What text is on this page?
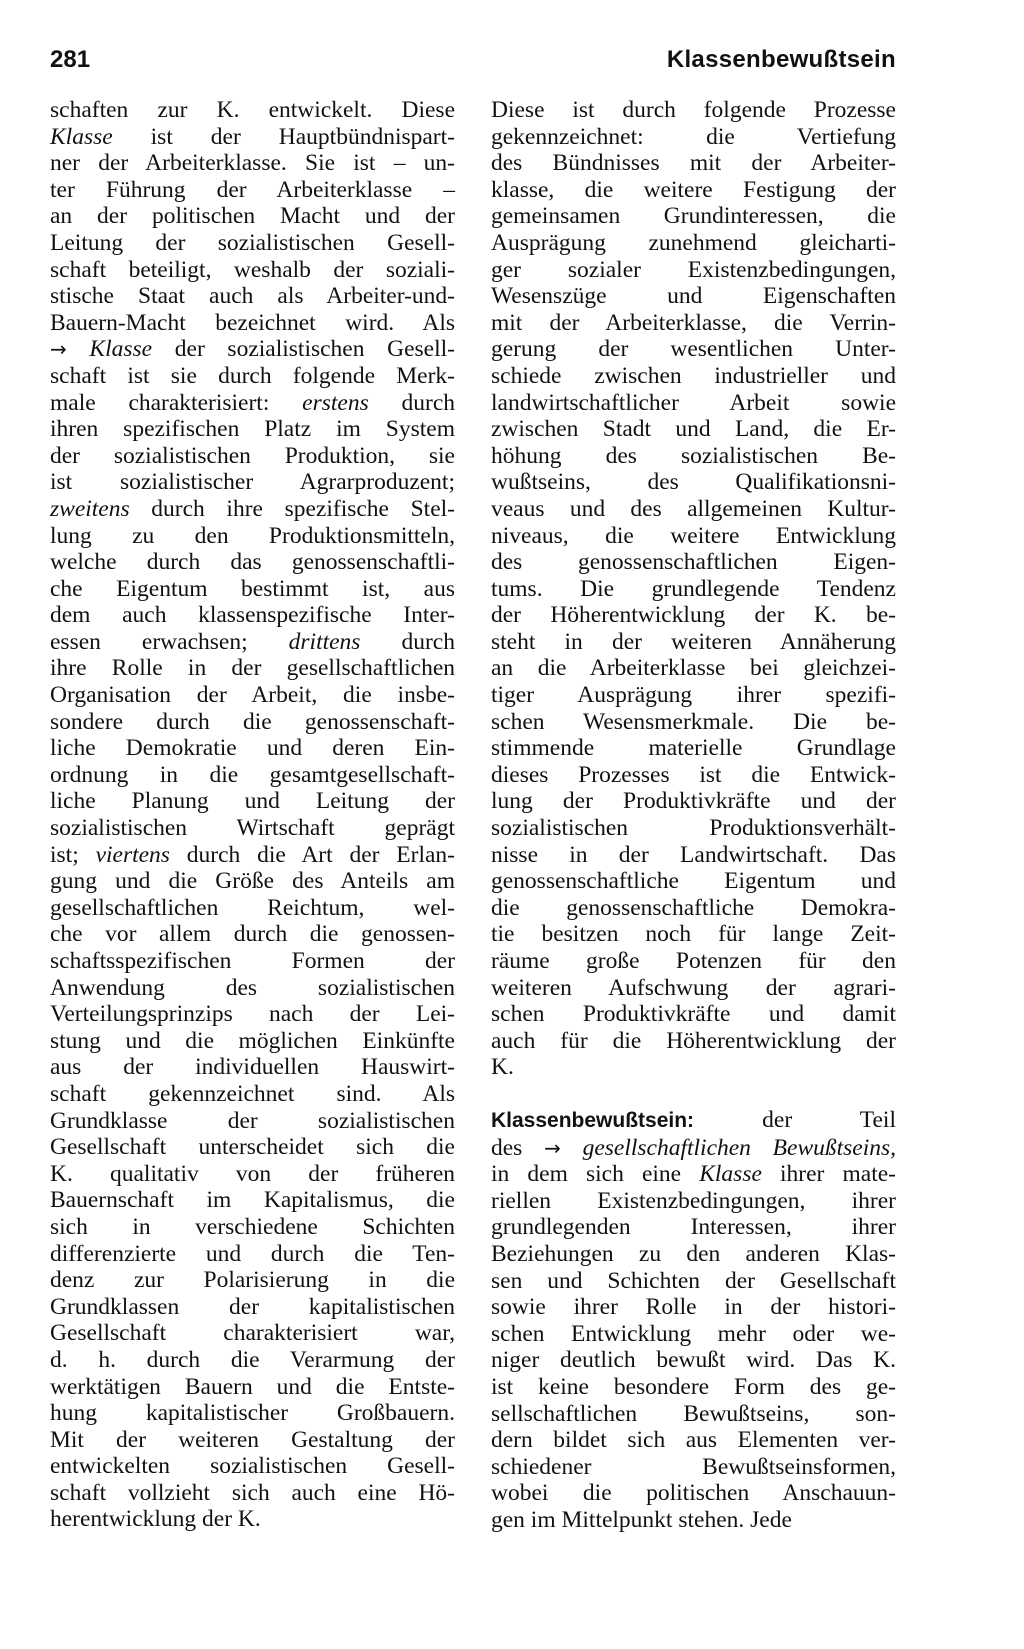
281	Klassenbewußtsein

schaften zur K. entwickelt. Diese
Klasse ist der Hauptbündnispart-
ner der Arbeiterklasse. Sie ist – un-
ter Führung der Arbeiterklasse –
an der politischen Macht und der
Leitung der sozialistischen Gesell-
schaft beteiligt, weshalb der soziali-
stische Staat auch als Arbeiter-und-
Bauern-Macht bezeichnet wird. Als
→ Klasse der sozialistischen Gesell-
schaft ist sie durch folgende Merk-
male charakterisiert: erstens durch
ihren spezifischen Platz im System
der sozialistischen Produktion, sie
ist sozialistischer Agrarproduzent;
zweitens durch ihre spezifische Stel-
lung zu den Produktionsmitteln,
welche durch das genossenschaftli-
che Eigentum bestimmt ist, aus
dem auch klassenspezifische Inter-
essen erwachsen; drittens durch
ihre Rolle in der gesellschaftlichen
Organisation der Arbeit, die insbe-
sondere durch die genossenschaft-
liche Demokratie und deren Ein-
ordnung in die gesamtgesellschaft-
liche Planung und Leitung der
sozialistischen Wirtschaft geprägt
ist; viertens durch die Art der Erlan-
gung und die Größe des Anteils am
gesellschaftlichen Reichtum, wel-
che vor allem durch die genossen-
schaftsspezifischen Formen der
Anwendung des sozialistischen
Verteilungsprinzips nach der Lei-
stung und die möglichen Einkünfte
aus der individuellen Hauswirt-
schaft gekennzeichnet sind. Als
Grundklasse der sozialistischen
Gesellschaft unterscheidet sich die
K. qualitativ von der früheren
Bauernschaft im Kapitalismus, die
sich in verschiedene Schichten
differenzierte und durch die Ten-
denz zur Polarisierung in die
Grundklassen der kapitalistischen
Gesellschaft charakterisiert war,
d. h. durch die Verarmung der
werktätigen Bauern und die Entste-
hung kapitalistischer Großbauern.
Mit der weiteren Gestaltung der
entwickelten sozialistischen Gesell-
schaft vollzieht sich auch eine Hö-
herentwicklung der K.

Diese ist durch folgende Prozesse
gekennzeichnet: die Vertiefung
des Bündnisses mit der Arbeiter-
klasse, die weitere Festigung der
gemeinsamen Grundinteressen, die
Ausprägung zunehmend gleicharti-
ger sozialer Existenzbedingungen,
Wesenszüge und Eigenschaften
mit der Arbeiterklasse, die Verrin-
gerung der wesentlichen Unter-
schiede zwischen industrieller und
landwirtschaftlicher Arbeit sowie
zwischen Stadt und Land, die Er-
höhung des sozialistischen Be-
wußtseins, des Qualifikationsni-
veaus und des allgemeinen Kultur-
niveaus, die weitere Entwicklung
des genossenschaftlichen Eigen-
tums. Die grundlegende Tendenz
der Höherentwicklung der K. be-
steht in der weiteren Annäherung
an die Arbeiterklasse bei gleichzei-
tiger Ausprägung ihrer spezifi-
schen Wesensmerkmale. Die be-
stimmende materielle Grundlage
dieses Prozesses ist die Entwick-
lung der Produktivkräfte und der
sozialistischen Produktionsverhält-
nisse in der Landwirtschaft. Das
genossenschaftliche Eigentum und
die genossenschaftliche Demokra-
tie besitzen noch für lange Zeit-
räume große Potenzen für den
weiteren Aufschwung der agrari-
schen Produktivkräfte und damit
auch für die Höherentwicklung der
K.

Klassenbewußtsein: der Teil
des → gesellschaftlichen Bewußtseins,
in dem sich eine Klasse ihrer mate-
riellen Existenzbedingungen, ihrer
grundlegenden Interessen, ihrer
Beziehungen zu den anderen Klas-
sen und Schichten der Gesellschaft
sowie ihrer Rolle in der histori-
schen Entwicklung mehr oder we-
niger deutlich bewußt wird. Das K.
ist keine besondere Form des ge-
sellschaftlichen Bewußtseins, son-
dern bildet sich aus Elementen ver-
schiedener Bewußtseinsformen,
wobei die politischen Anschauun-
gen im Mittelpunkt stehen. Jede
